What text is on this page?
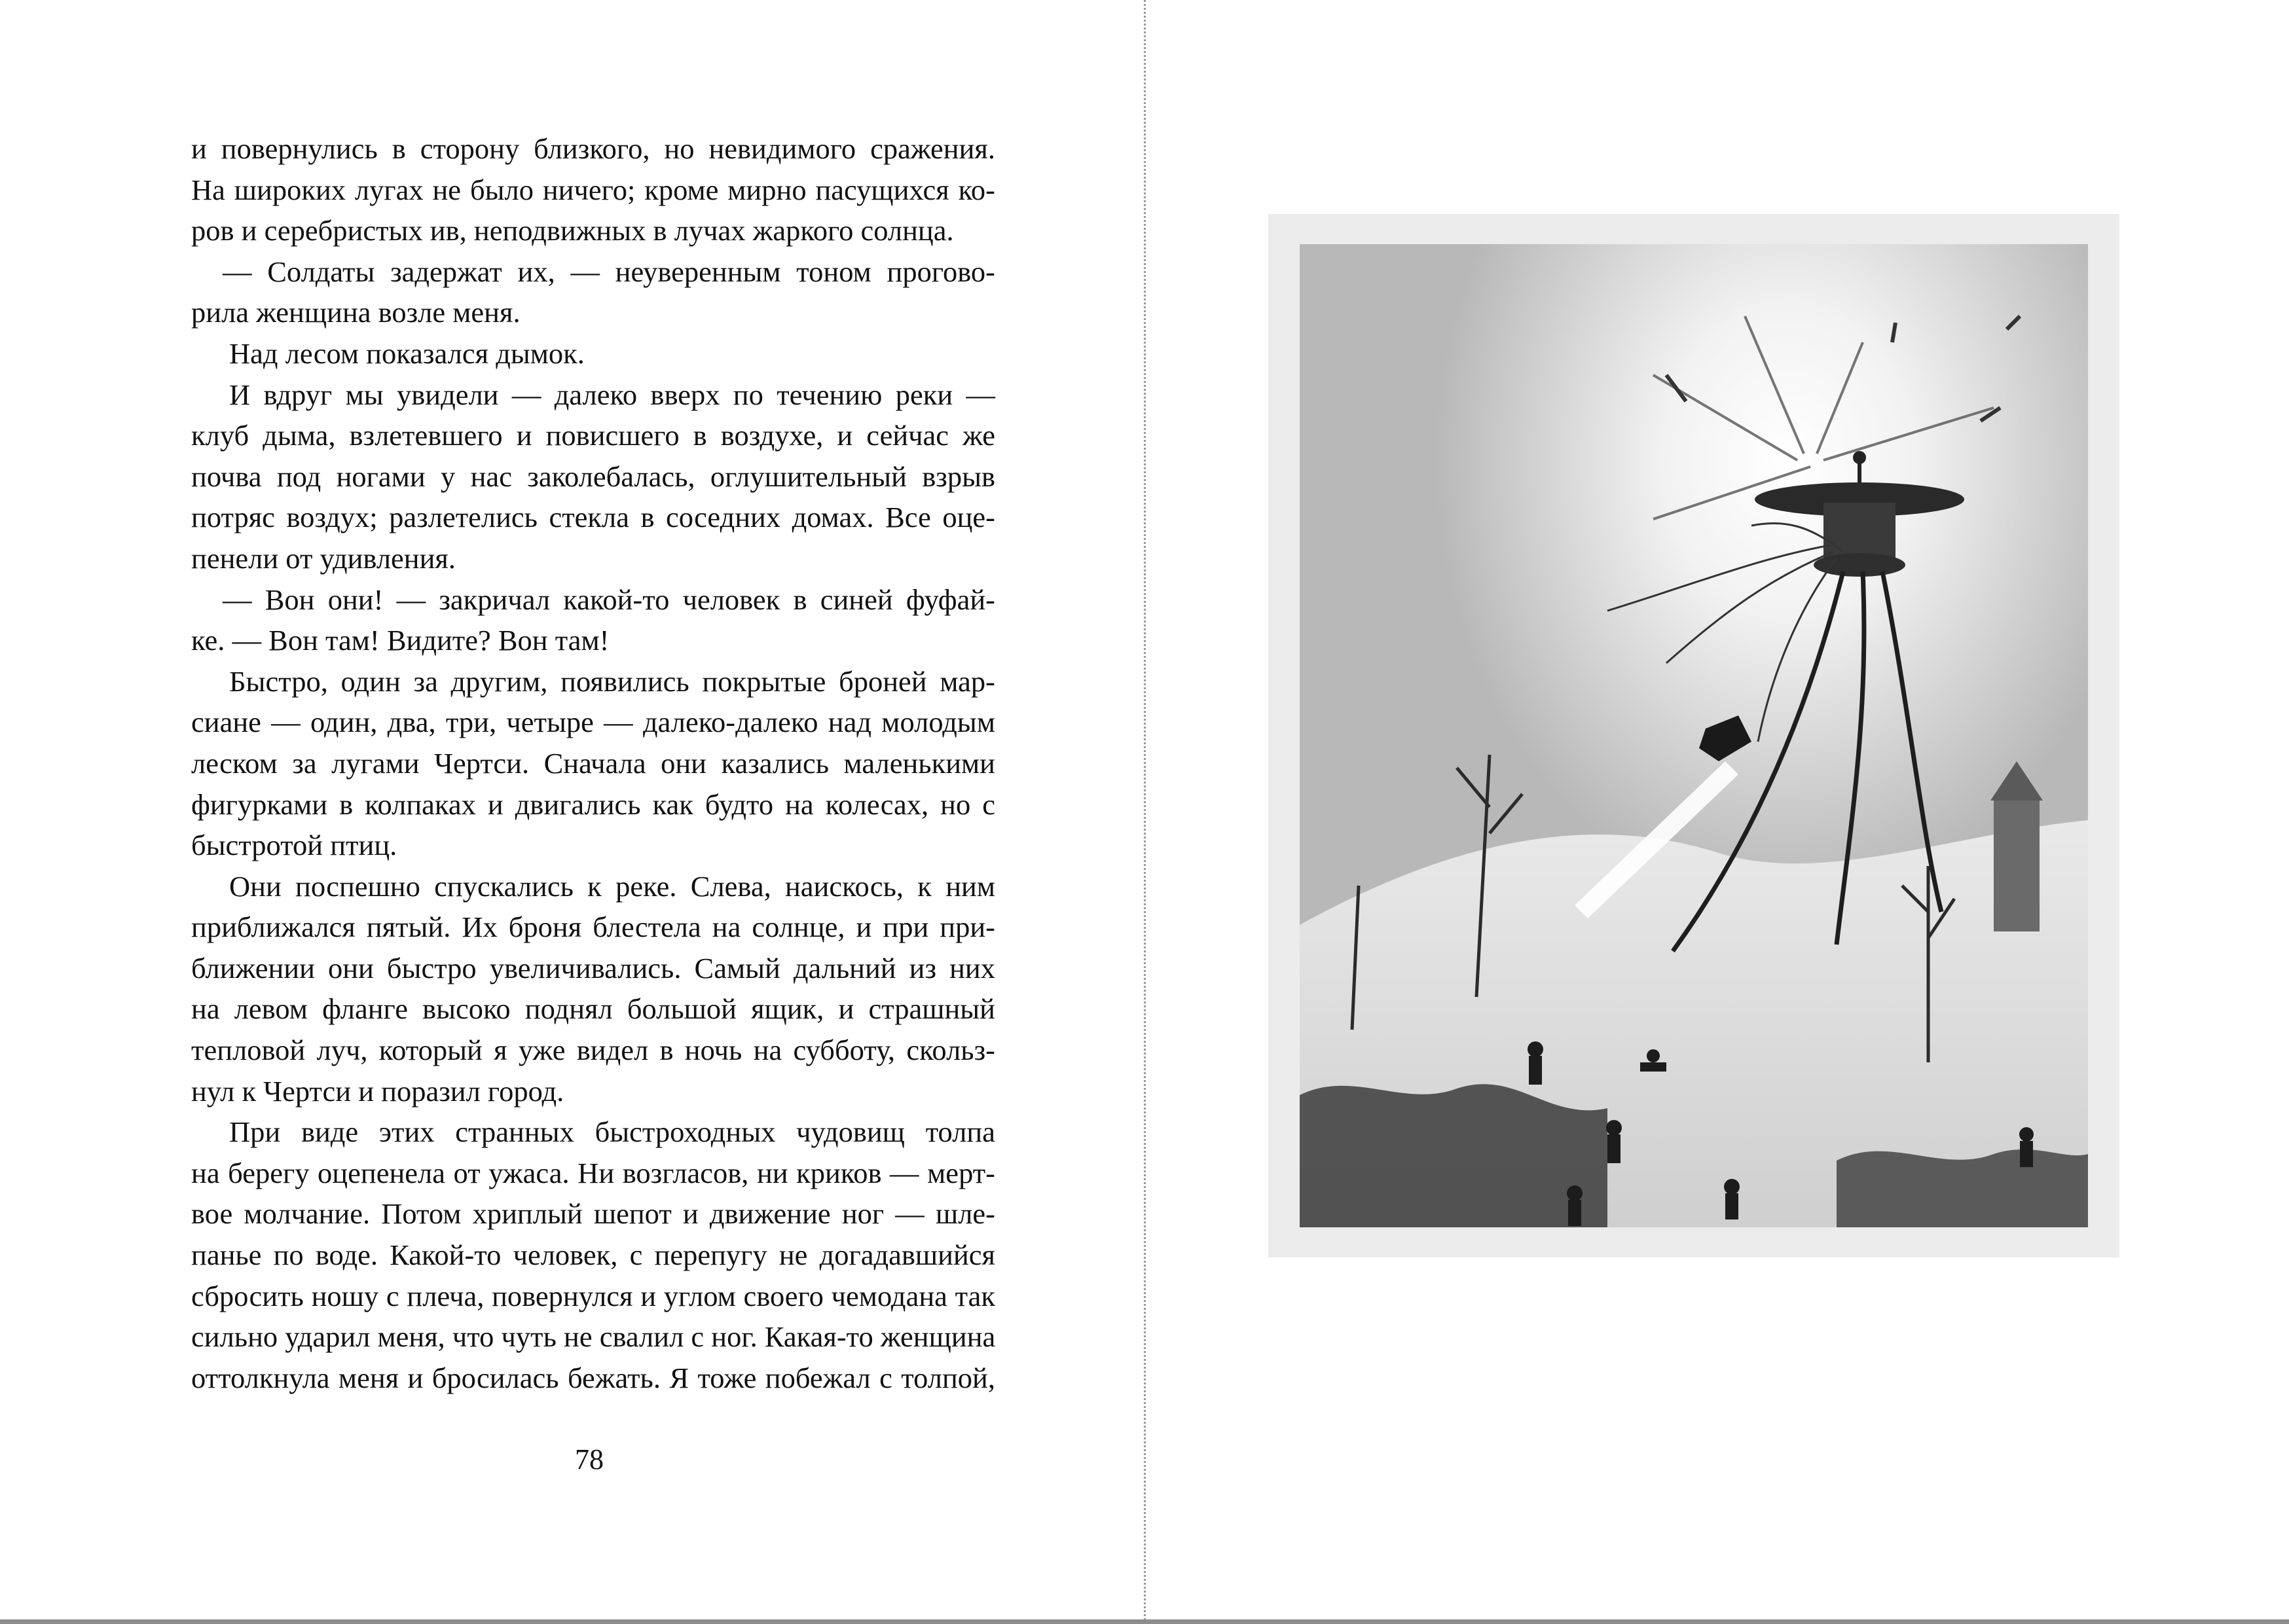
и повернулись в сторону близкого, но невидимого сражения.
На широких лугах не было ничего; кроме мирно пасущихся ко-
ров и серебристых ив, неподвижных в лучах жаркого солнца.
— Солдаты задержат их, — неуверенным тоном прогово-
рила женщина возле меня.
Над лесом показался дымок.
И вдруг мы увидели — далеко вверх по течению реки —
клуб дыма, взлетевшего и повисшего в воздухе, и сейчас же
почва под ногами у нас заколебалась, оглушительный взрыв
потряс воздух; разлетелись стекла в соседних домах. Все оце-
пенели от удивления.
— Вон они! — закричал какой-то человек в синей фуфай-
ке. — Вон там! Видите? Вон там!
Быстро, один за другим, появились покрытые броней мар-
сиане — один, два, три, четыре — далеко-далеко над молодым
леском за лугами Чертси. Сначала они казались маленькими
фигурками в колпаках и двигались как будто на колесах, но с
быстротой птиц.
Они поспешно спускались к реке. Слева, наискось, к ним
приближался пятый. Их броня блестела на солнце, и при при-
ближении они быстро увеличивались. Самый дальний из них
на левом фланге высоко поднял большой ящик, и страшный
тепловой луч, который я уже видел в ночь на субботу, скольз-
нул к Чертси и поразил город.
При виде этих странных быстроходных чудовищ толпа
на берегу оцепенела от ужаса. Ни возгласов, ни криков — мерт-
вое молчание. Потом хриплый шепот и движение ног — шле-
панье по воде. Какой-то человек, с перепугу не догадавшийся
сбросить ношу с плеча, повернулся и углом своего чемодана так
сильно ударил меня, что чуть не свалил с ног. Какая-то женщина
оттолкнула меня и бросилась бежать. Я тоже побежал с толпой,
78
